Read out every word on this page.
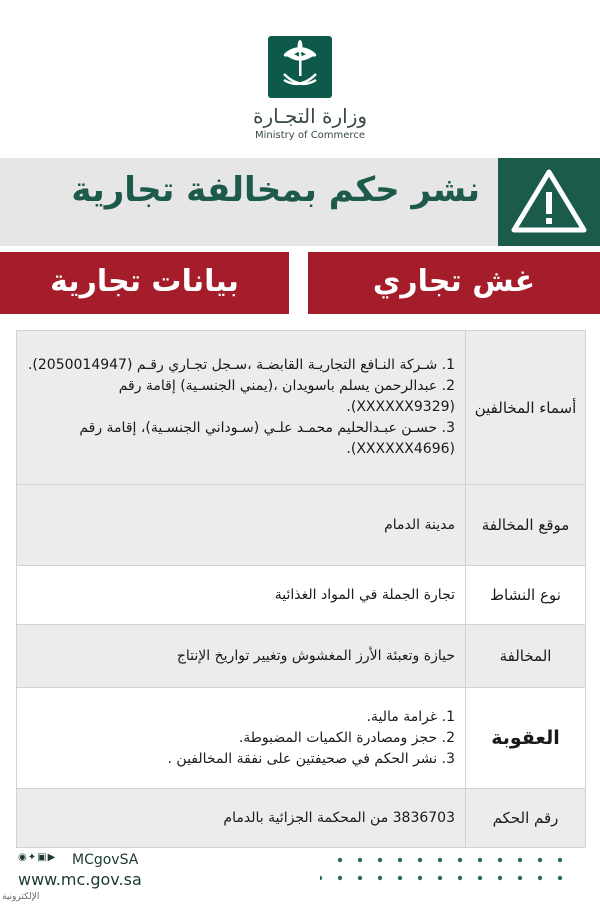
وزارة التجـارة
Ministry of Commerce
نشر حكم بمخالفة تجارية
غش تجاري
بيانات تجارية
أسماء المخالفين
1. شـركة النـافع التجاريـة القابضـة ،سـجل تجـاري رقـم (2050014947).
2. عبدالرحمن يسلم باسويدان ،(يمني الجنسـية) إقامة رقم (XXXXXX9329).
3. حسـن عبـدالحليم محمـد علـي (سـوداني الجنسـية)، إقامة رقم (XXXXXX4696).
موقع المخالفة
مدينة الدمام
نوع النشاط
تجارة الجملة في المواد الغذائية
المخالفة
حيازة وتعبئة الأرز المغشوش وتغيير تواريخ الإنتاج
العقوبة
1. غرامة مالية.
2. حجز ومصادرة الكميات المضبوطة.
3. نشر الحكم في صحيفتين على نفقة المخالفين .
رقم الحكم
3836703 من المحكمة الجزائية بالدمام
◉✦▣▶ MCgovSA
www.mc.gov.sa
الإلكترونية
